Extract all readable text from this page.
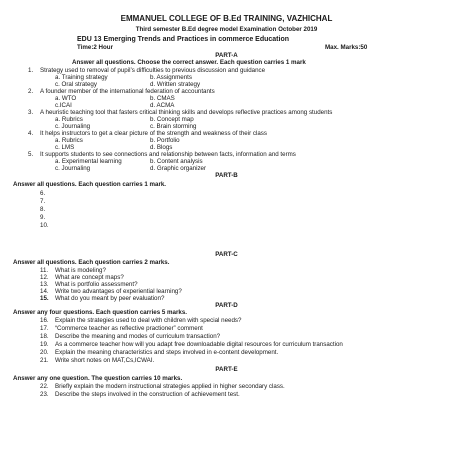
EMMANUEL COLLEGE OF B.Ed TRAINING, VAZHICHAL
Third semester B.Ed degree model Examination October 2019
EDU 13 Emerging Trends and Practices in commerce Education
Time:2 Hour	Max. Marks:50
PART-A
Answer all questions. Choose the correct answer. Each question carries 1 mark
1. Strategy used to removal of pupil’s difficulties to previous discussion and guidance
a. Training strategy	b. Assignments
c. Oral strategy	d. Written strategy
2. A founder member of the international federation of accountants
a. WTO	b. CMAS
c.ICAI	d. ACMA
3. A heuristic teaching tool that fasters critical thinking skills and develops reflective practices among students
a. Rubrics	b. Concept map
c. Journaling	c. Brain storming
4. It helps instructors to get a clear picture of the strength and weakness of their class
a. Rubrics	b. Portfolio
c. LMS	d. Blogs
5. It supports students to see connections and relationship between facts, information and terms
a. Experimental learning	b. Content analysis
c. Journaling	d. Graphic organizer
PART-B
Answer all questions. Each question carries 1 mark.
6.
7.
8.
9.
10.
PART-C
Answer all questions. Each question carries 2 marks.
11. What is modeling?
12. What are concept maps?
13. What is portfolio assessment?
14. Write two advantages of experiential learning?
15. What do you meant by peer evaluation?
PART-D
Answer any four questions. Each question carries 5 marks.
16. Explain the strategies used to deal with children with special needs?
17. “Commerce teacher as reflective practioner” comment
18. Describe the meaning and modes of curriculum transaction?
19. As a commerce teacher how will you adapt free downloadable digital resources for curriculum transaction
20. Explain the meaning characteristics and steps involved in e-content development.
21. Write short notes on MAT,Cs,ICWAI.
PART-E
Answer any one question. The question carries 10 marks.
22. Briefly explain the modern instructional strategies applied in higher secondary class.
23. Describe the steps involved in the construction of achievement test.
